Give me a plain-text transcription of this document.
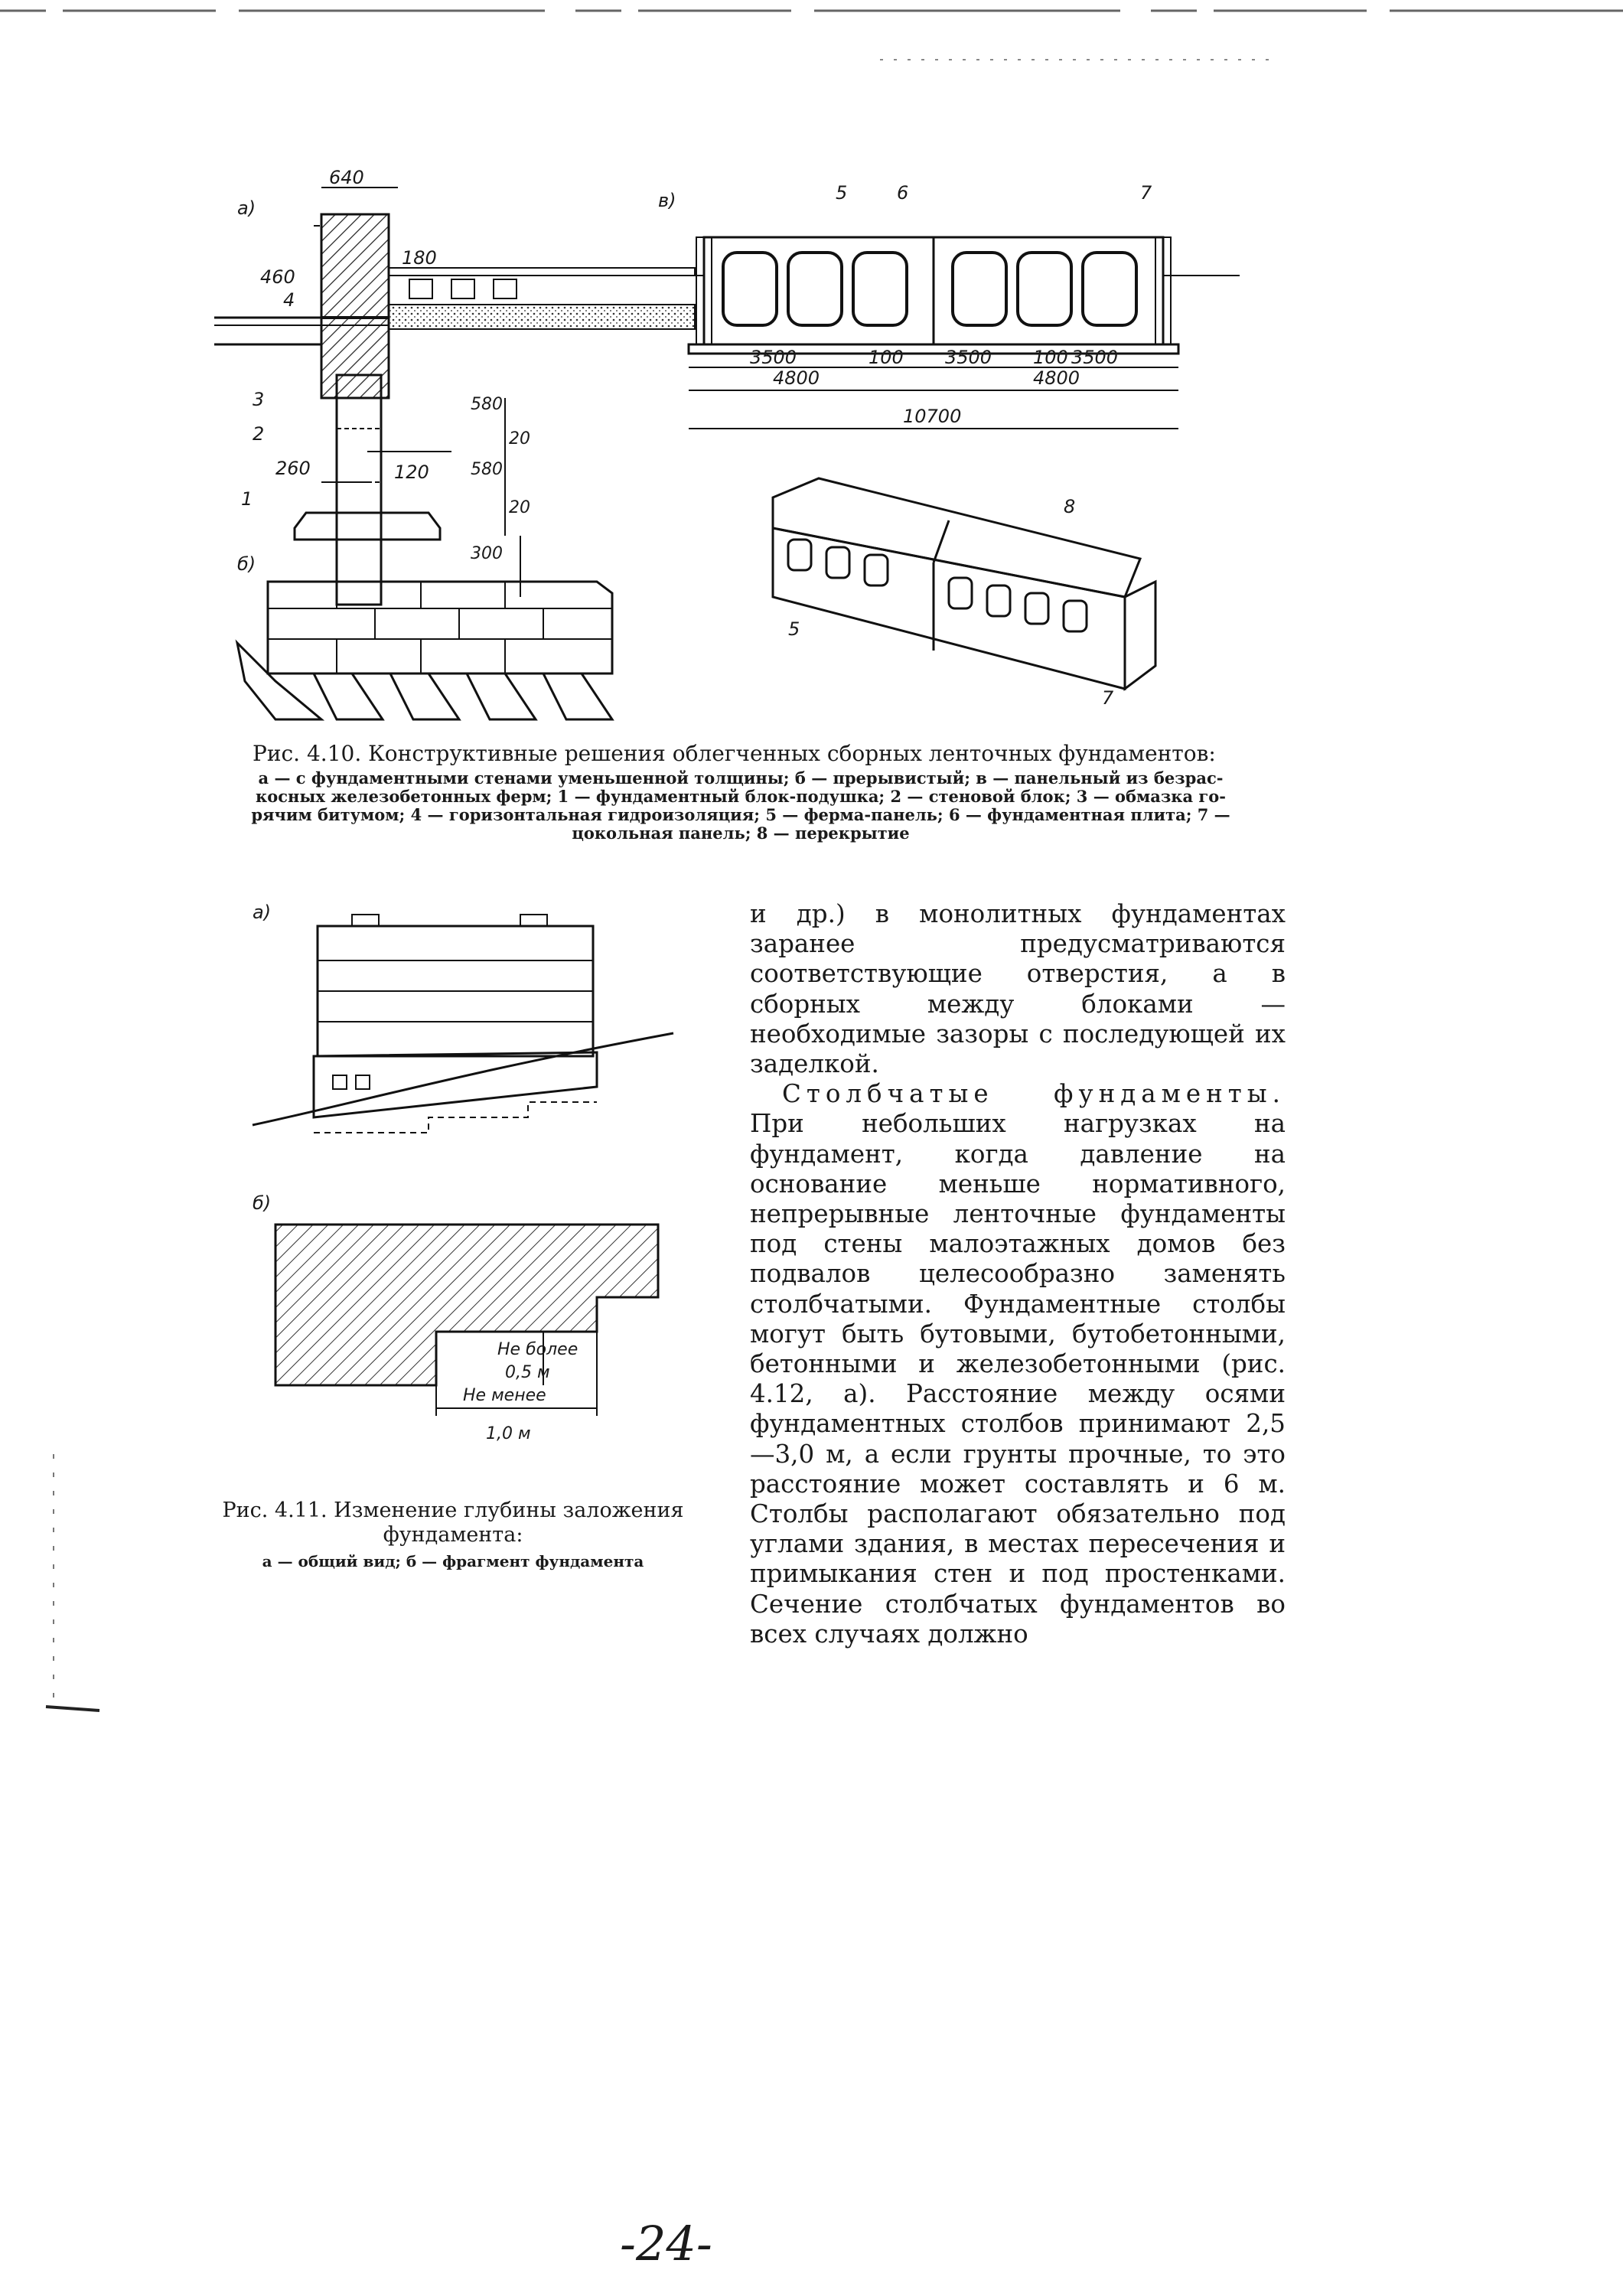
а)
640
180
460
4
3
2
260	120
1
580
580
20
20
300
б)
в)	5	6	7
3500	100 3500 100 3500
4800	4800
10700
8
5
7
Рис. 4.10. Конструктивные решения облегченных сборных ленточных фундаментов:
а — с фундаментными стенами уменьшенной толщины; б — прерывистый; в — панельный из безрас-
косных железобетонных ферм; 1 — фундаментный блок-подушка; 2 — стеновой блок; 3 — обмазка го-
рячим битумом; 4 — горизонтальная гидроизоляция; 5 — ферма-панель; 6 — фундаментная плита; 7 —
цокольная панель; 8 — перекрытие
а)
б)
Не менее
1,0 м
Не более
0,5 м
Рис. 4.11. Изменение глубины заложения фундамента:
а — общий вид; б — фрагмент фундамента

и др.) в монолитных фундаментах заранее предусматриваются соответствующие отверстия, а в сборных между блоками — необходимые зазоры с последующей их заделкой.

Столбчатые фундаменты. При небольших нагрузках на фундамент, когда давление на основание меньше нормативного, непрерывные ленточные фундаменты под стены малоэтажных домов без подвалов целесообразно заменять столбчатыми. Фундаментные столбы могут быть бутовыми, бутобетонными, бетонными и железобетонными (рис. 4.12, а). Расстояние между осями фундаментных столбов принимают 2,5—3,0 м, а если грунты прочные, то это расстояние может составлять и 6 м. Столбы располагают обязательно под углами здания, в местах пересечения и примыкания стен и под простенками. Сечение столбчатых фундаментов во всех случаях должно

-24-
